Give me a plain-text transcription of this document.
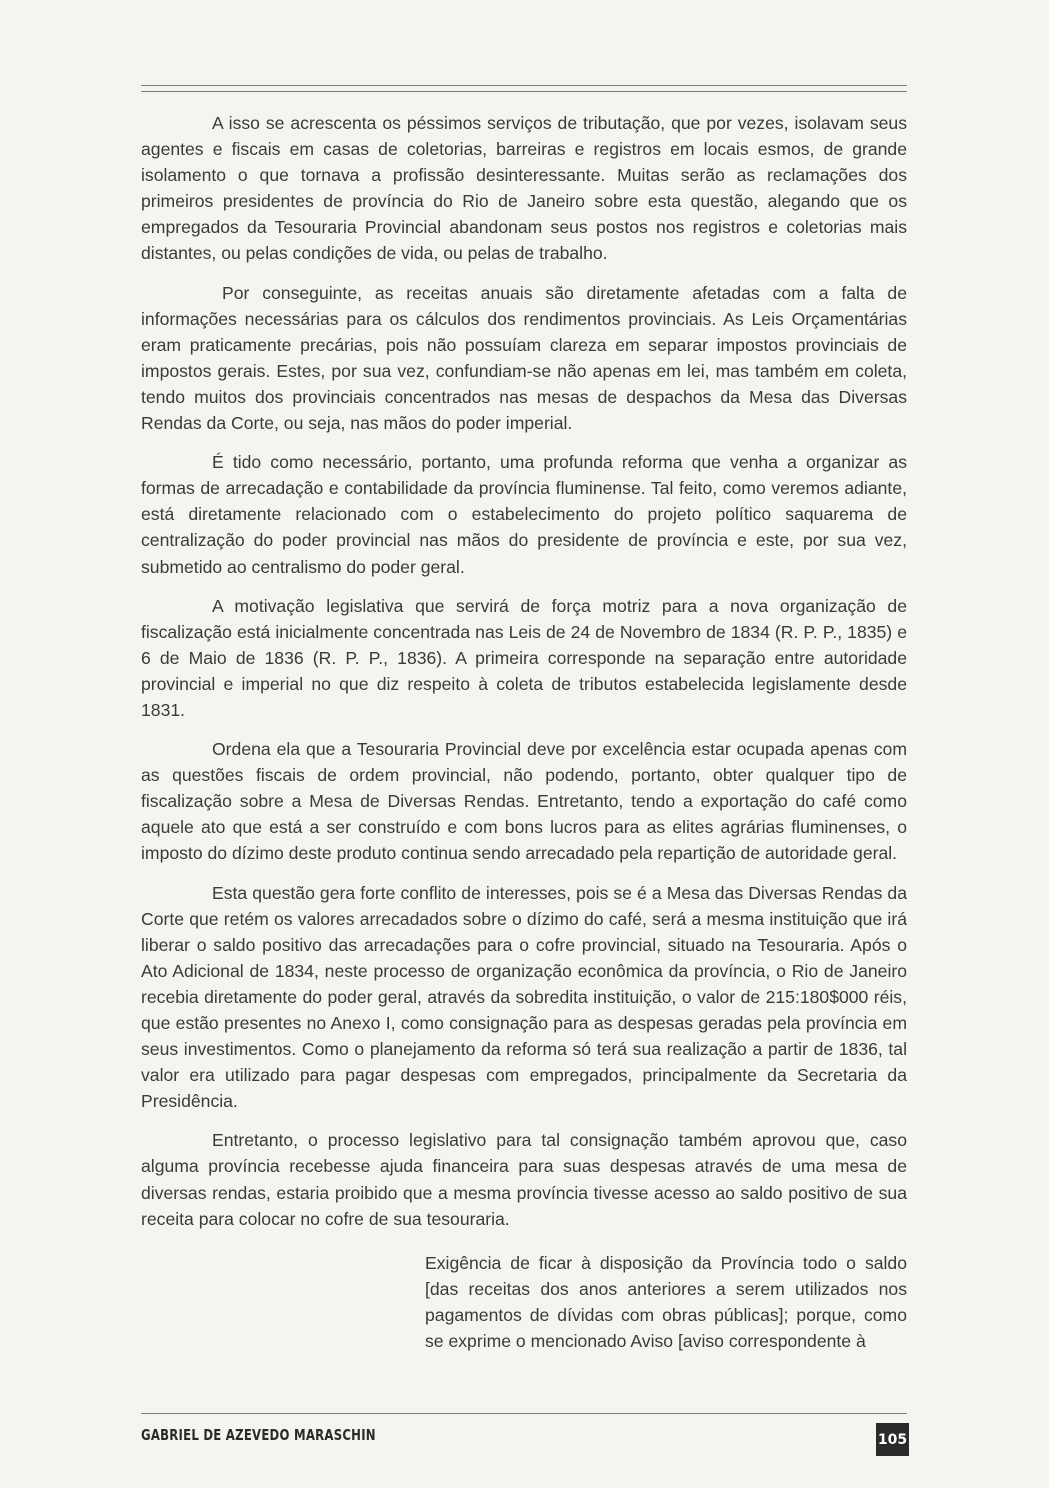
A isso se acrescenta os péssimos serviços de tributação, que por vezes, isolavam seus agentes e fiscais em casas de coletorias, barreiras e registros em locais esmos, de grande isolamento o que tornava a profissão desinteressante. Muitas serão as reclamações dos primeiros presidentes de província do Rio de Janeiro sobre esta questão, alegando que os empregados da Tesouraria Provincial abandonam seus postos nos registros e coletorias mais distantes, ou pelas condições de vida, ou pelas de trabalho.

Por conseguinte, as receitas anuais são diretamente afetadas com a falta de informações necessárias para os cálculos dos rendimentos provinciais. As Leis Orçamentárias eram praticamente precárias, pois não possuíam clareza em separar impostos provinciais de impostos gerais. Estes, por sua vez, confundiam-se não apenas em lei, mas também em coleta, tendo muitos dos provinciais concentrados nas mesas de despachos da Mesa das Diversas Rendas da Corte, ou seja, nas mãos do poder imperial.

É tido como necessário, portanto, uma profunda reforma que venha a organizar as formas de arrecadação e contabilidade da província fluminense. Tal feito, como veremos adiante, está diretamente relacionado com o estabelecimento do projeto político saquarema de centralização do poder provincial nas mãos do presidente de província e este, por sua vez, submetido ao centralismo do poder geral.

A motivação legislativa que servirá de força motriz para a nova organização de fiscalização está inicialmente concentrada nas Leis de 24 de Novembro de 1834 (R. P. P., 1835) e 6 de Maio de 1836 (R. P. P., 1836). A primeira corresponde na separação entre autoridade provincial e imperial no que diz respeito à coleta de tributos estabelecida legislamente desde 1831.

Ordena ela que a Tesouraria Provincial deve por excelência estar ocupada apenas com as questões fiscais de ordem provincial, não podendo, portanto, obter qualquer tipo de fiscalização sobre a Mesa de Diversas Rendas. Entretanto, tendo a exportação do café como aquele ato que está a ser construído e com bons lucros para as elites agrárias fluminenses, o imposto do dízimo deste produto continua sendo arrecadado pela repartição de autoridade geral.

Esta questão gera forte conflito de interesses, pois se é a Mesa das Diversas Rendas da Corte que retém os valores arrecadados sobre o dízimo do café, será a mesma instituição que irá liberar o saldo positivo das arrecadações para o cofre provincial, situado na Tesouraria. Após o Ato Adicional de 1834, neste processo de organização econômica da província, o Rio de Janeiro recebia diretamente do poder geral, através da sobredita instituição, o valor de 215:180$000 réis, que estão presentes no Anexo I, como consignação para as despesas geradas pela província em seus investimentos. Como o planejamento da reforma só terá sua realização a partir de 1836, tal valor era utilizado para pagar despesas com empregados, principalmente da Secretaria da Presidência.

Entretanto, o processo legislativo para tal consignação também aprovou que, caso alguma província recebesse ajuda financeira para suas despesas através de uma mesa de diversas rendas, estaria proibido que a mesma província tivesse acesso ao saldo positivo de sua receita para colocar no cofre de sua tesouraria.

Exigência de ficar à disposição da Província todo o saldo [das receitas dos anos anteriores a serem utilizados nos pagamentos de dívidas com obras públicas]; porque, como se exprime o mencionado Aviso [aviso correspondente à

GABRIEL DE AZEVEDO MARASCHIN	105
